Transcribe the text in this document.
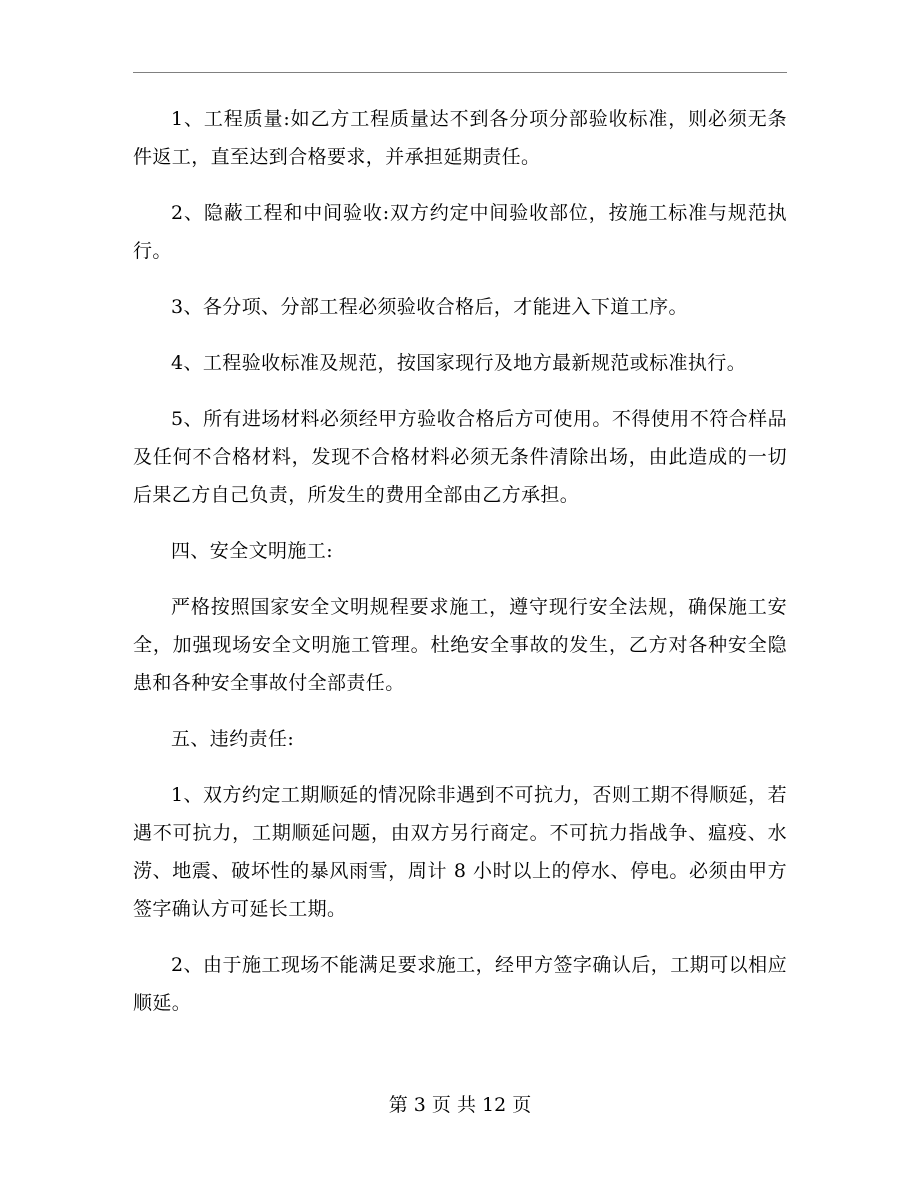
1、工程质量:如乙方工程质量达不到各分项分部验收标准，则必须无条件返工，直至达到合格要求，并承担延期责任。

2、隐蔽工程和中间验收:双方约定中间验收部位，按施工标准与规范执行。

3、各分项、分部工程必须验收合格后，才能进入下道工序。

4、工程验收标准及规范，按国家现行及地方最新规范或标准执行。

5、所有进场材料必须经甲方验收合格后方可使用。不得使用不符合样品及任何不合格材料，发现不合格材料必须无条件清除出场，由此造成的一切后果乙方自己负责，所发生的费用全部由乙方承担。

四、安全文明施工:

严格按照国家安全文明规程要求施工，遵守现行安全法规，确保施工安全，加强现场安全文明施工管理。杜绝安全事故的发生，乙方对各种安全隐患和各种安全事故付全部责任。

五、违约责任:

1、双方约定工期顺延的情况除非遇到不可抗力，否则工期不得顺延，若遇不可抗力，工期顺延问题，由双方另行商定。不可抗力指战争、瘟疫、水涝、地震、破坏性的暴风雨雪，周计 8 小时以上的停水、停电。必须由甲方签字确认方可延长工期。

2、由于施工现场不能满足要求施工，经甲方签字确认后，工期可以相应顺延。

第 3 页 共 12 页
